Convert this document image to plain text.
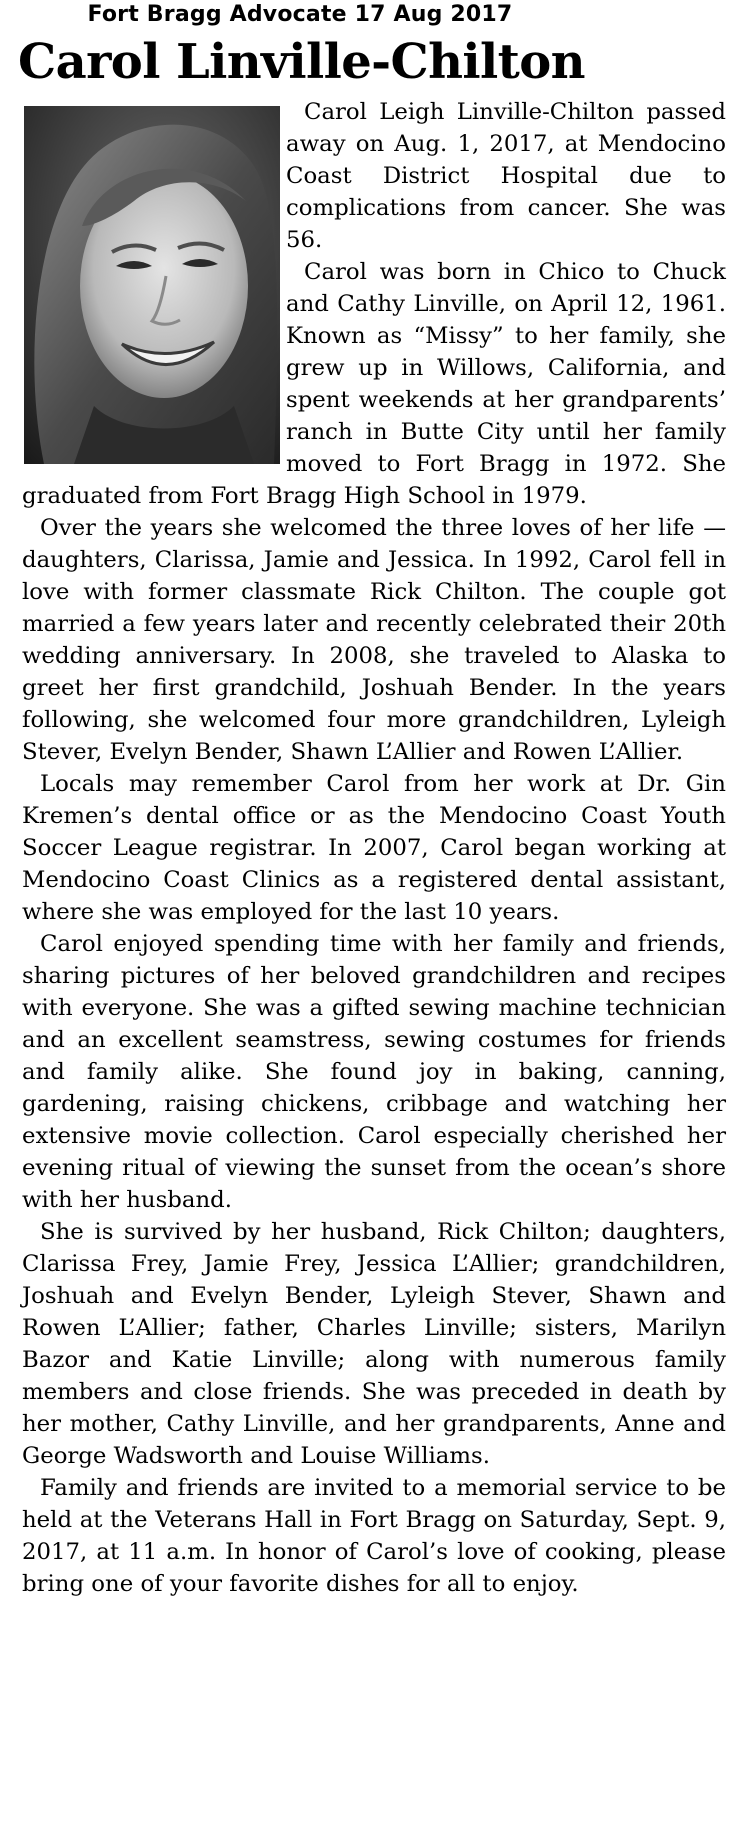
Fort Bragg Advocate 17 Aug 2017
Carol Linville-Chilton

Carol Leigh Linville-Chilton passed away on Aug. 1, 2017, at Mendocino Coast District Hospital due to complications from cancer. She was 56.

Carol was born in Chico to Chuck and Cathy Linville, on April 12, 1961. Known as “Missy” to her family, she grew up in Willows, California, and spent weekends at her grandparents’ ranch in Butte City until her family moved to Fort Bragg in 1972. She graduated from Fort Bragg High School in 1979.

Over the years she welcomed the three loves of her life — daughters, Clarissa, Jamie and Jessica. In 1992, Carol fell in love with former classmate Rick Chilton. The couple got married a few years later and recently celebrated their 20th wedding anniversary. In 2008, she traveled to Alaska to greet her first grandchild, Joshuah Bender. In the years following, she welcomed four more grandchildren, Lyleigh Stever, Evelyn Bender, Shawn L’Allier and Rowen L’Allier.

Locals may remember Carol from her work at Dr. Gin Kremen’s dental office or as the Mendocino Coast Youth Soccer League registrar. In 2007, Carol began working at Mendocino Coast Clinics as a registered dental assistant, where she was employed for the last 10 years.

Carol enjoyed spending time with her family and friends, sharing pictures of her beloved grandchildren and recipes with everyone. She was a gifted sewing machine technician and an excellent seamstress, sewing costumes for friends and family alike. She found joy in baking, canning, gardening, raising chickens, cribbage and watching her extensive movie collection. Carol especially cherished her evening ritual of viewing the sunset from the ocean’s shore with her husband.

She is survived by her husband, Rick Chilton; daughters, Clarissa Frey, Jamie Frey, Jessica L’Allier; grandchildren, Joshuah and Evelyn Bender, Lyleigh Stever, Shawn and Rowen L’Allier; father, Charles Linville; sisters, Marilyn Bazor and Katie Linville; along with numerous family members and close friends. She was preceded in death by her mother, Cathy Linville, and her grandparents, Anne and George Wadsworth and Louise Williams.

Family and friends are invited to a memorial service to be held at the Veterans Hall in Fort Bragg on Saturday, Sept. 9, 2017, at 11 a.m. In honor of Carol’s love of cooking, please bring one of your favorite dishes for all to enjoy.
